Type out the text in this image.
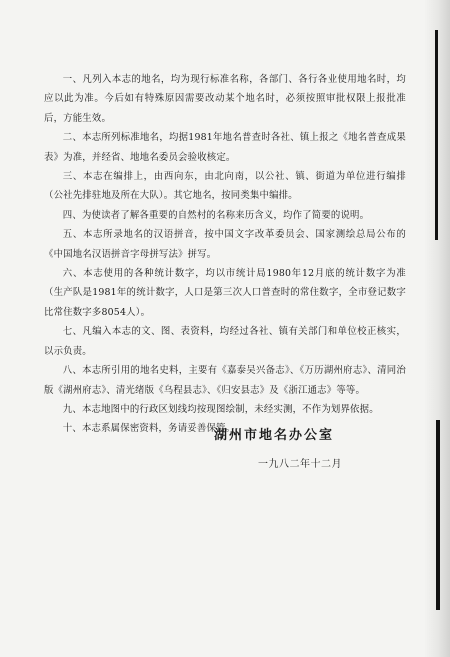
一、凡列入本志的地名，均为现行标准名称，各部门、各行各业使用地名时，均应以此为准。今后如有特殊原因需要改动某个地名时，必须按照审批权限上报批准后，方能生效。

二、本志所列标准地名，均据1981年地名普查时各社、镇上报之《地名普查成果表》为准，并经省、地地名委员会验收核定。

三、本志在编排上，由西向东，由北向南，以公社、镇、街道为单位进行编排（公社先排驻地及所在大队）。其它地名，按同类集中编排。

四、为使读者了解各重要的自然村的名称来历含义，均作了简要的说明。

五、本志所录地名的汉语拼音，按中国文字改革委员会、国家测绘总局公布的《中国地名汉语拼音字母拼写法》拼写。

六、本志使用的各种统计数字，均以市统计局1980年12月底的统计数字为准（生产队是1981年的统计数字，人口是第三次人口普查时的常住数字，全市登记数字比常住数字多8054人）。

七、凡编入本志的文、图、表资料，均经过各社、镇有关部门和单位校正核实，以示负责。

八、本志所引用的地名史料，主要有《嘉泰吴兴备志》、《万历湖州府志》、清同治版《湖州府志》、清光绪版《乌程县志》、《归安县志》及《浙江通志》等等。

九、本志地图中的行政区划线均按现图绘制，未经实测，不作为划界依据。

十、本志系属保密资料，务请妥善保管。

湖州市地名办公室
一九八二年十二月
